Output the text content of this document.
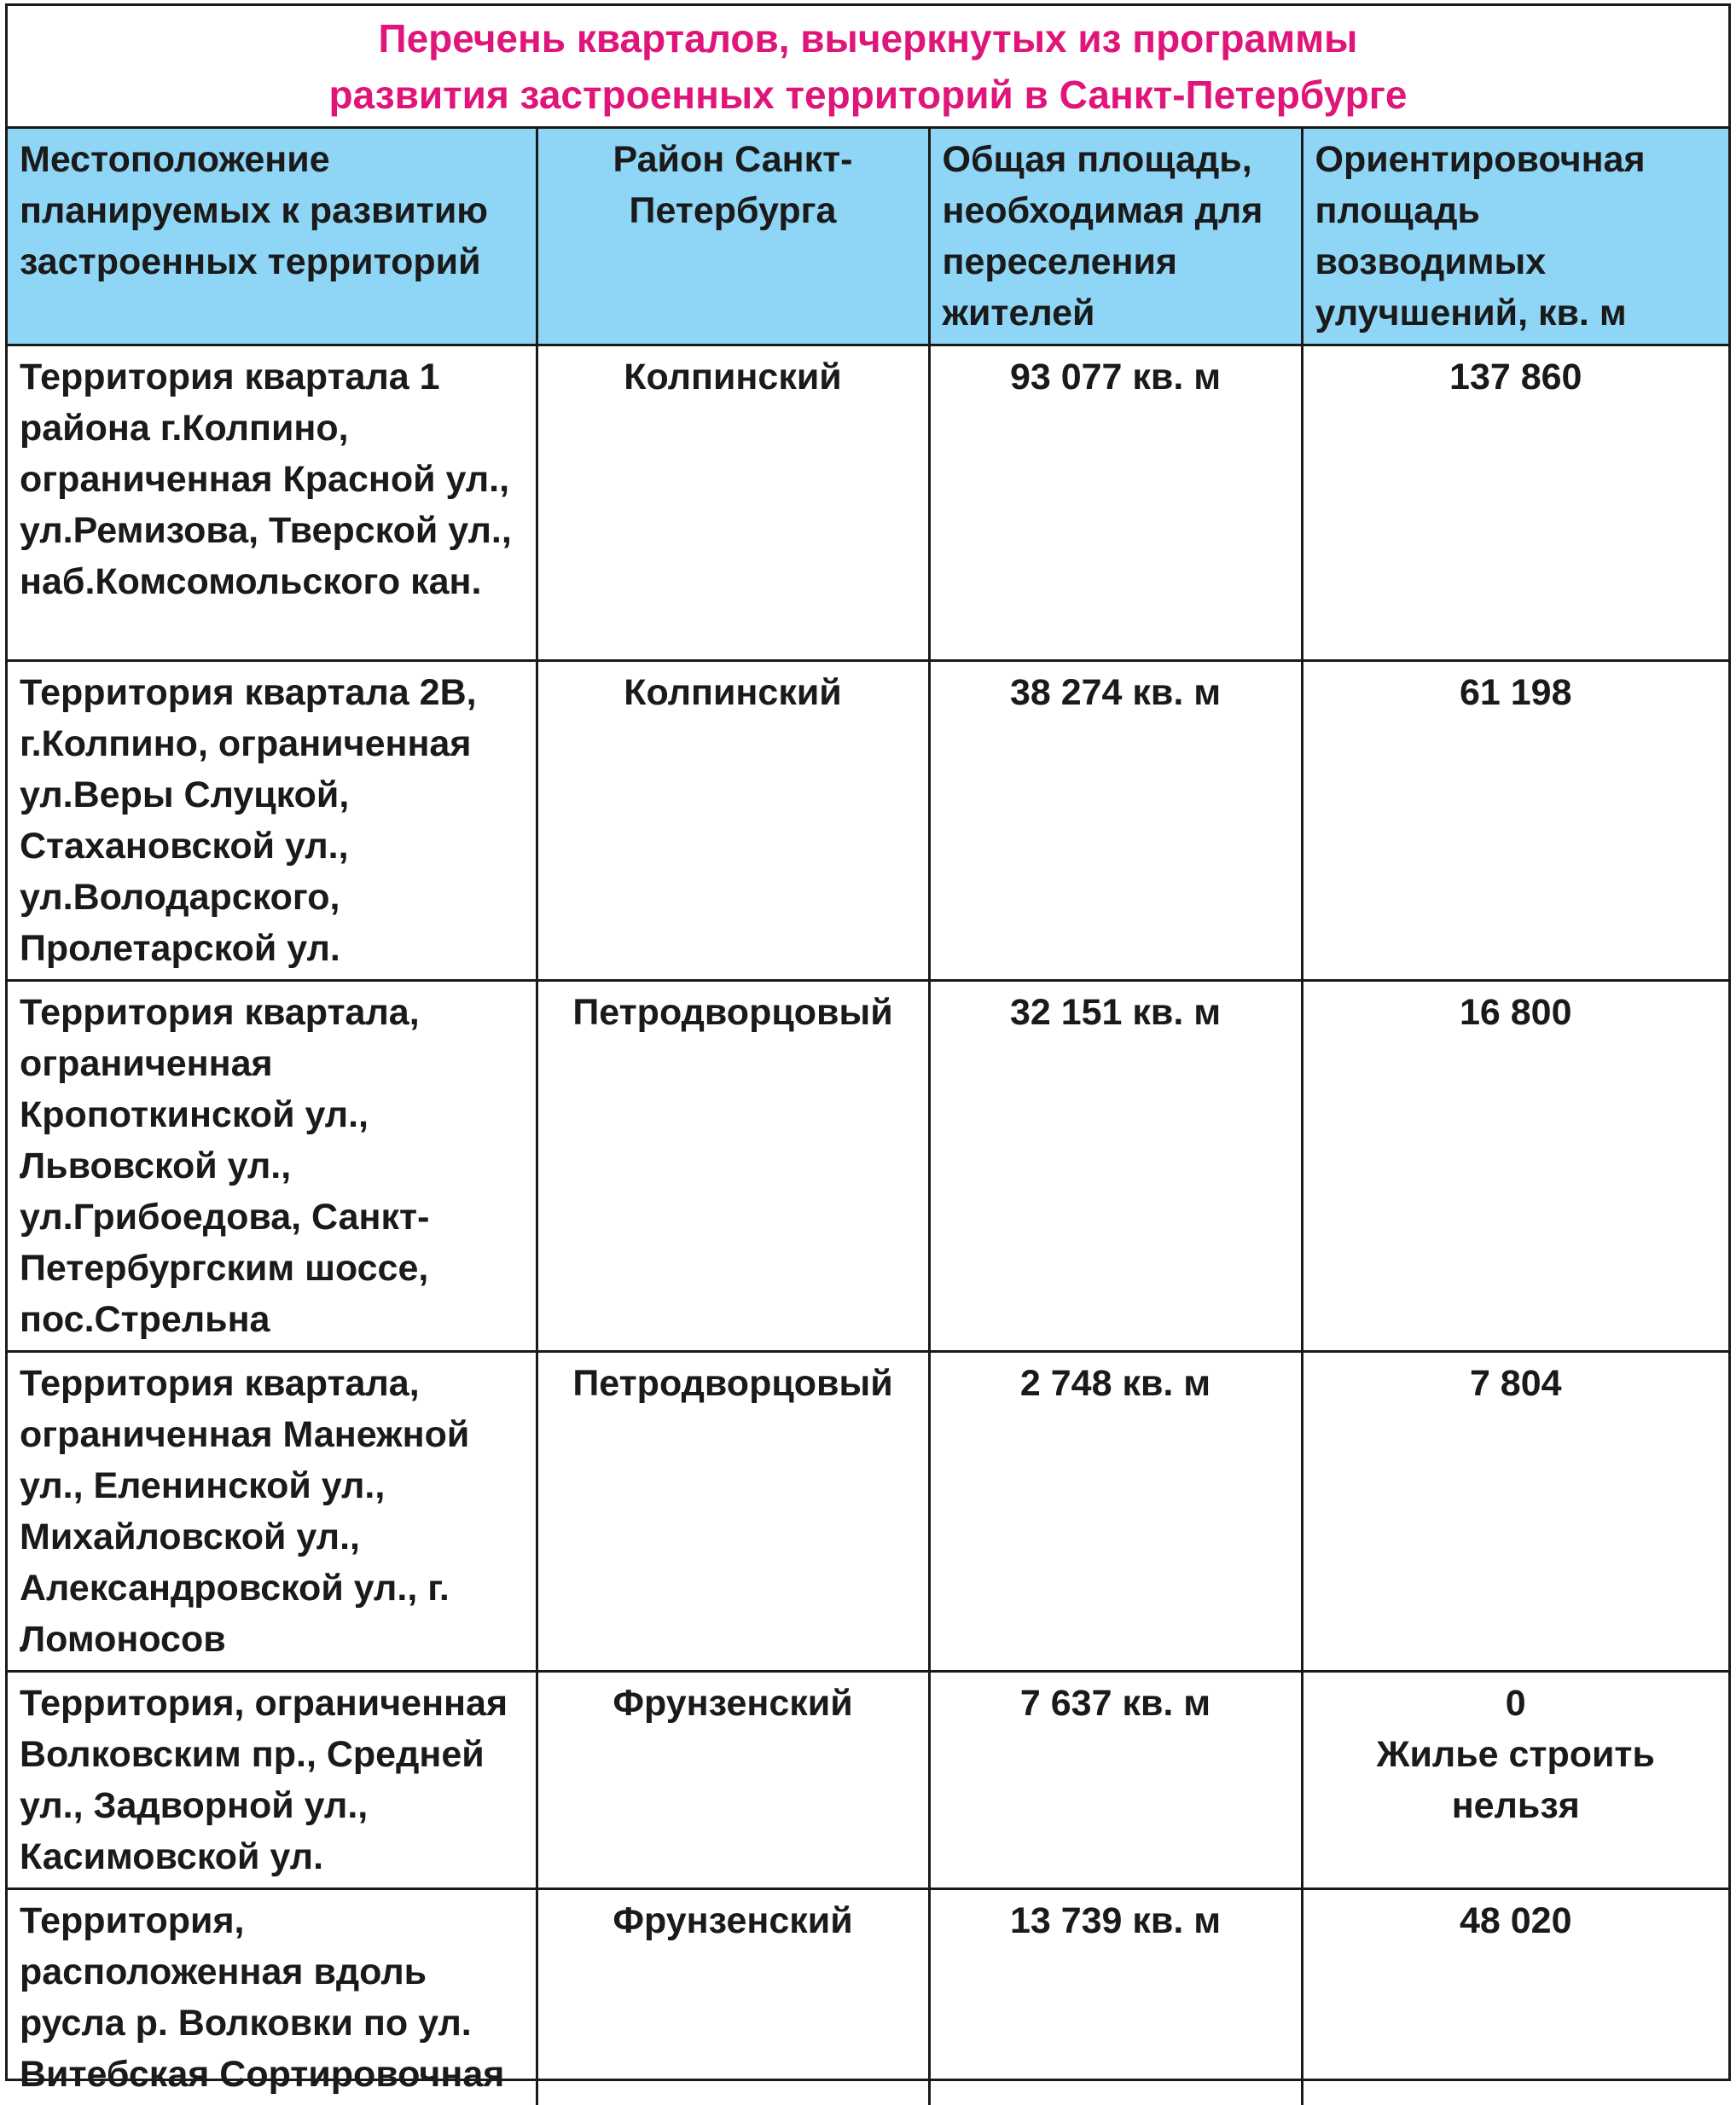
Перечень кварталов, вычеркнутых из программы
развития застроенных территорий в Санкт-Петербурге
Местоположение планируемых к развитию застроенных территорий	Район Санкт-Петербурга	Общая площадь, необходимая для переселения жителей	Ориентировочная площадь возводимых улучшений, кв. м
Территория квартала 1 района г.Колпино, ограниченная Красной ул., ул.Ремизова, Тверской ул., наб.Комсомольского кан.	Колпинский	93 077 кв. м	137 860

Территория квартала 2В, г.Колпино, ограниченная ул.Веры Слуцкой, Стахановской ул., ул.Володарского, Пролетарской ул.	Колпинский	38 274 кв. м	61 198

Территория квартала, ограниченная Кропоткинской ул., Львовской ул., ул.Грибоедова, Санкт-Петербургским шоссе, пос.Стрельна	Петродворцовый	32 151 кв. м	16 800

Территория квартала, ограниченная Манежной ул., Еленинской ул., Михайловской ул., Александровской ул., г. Ломоносов	Петродворцовый	2 748 кв. м	7 804

Территория, ограниченная Волковским пр., Средней ул., Задворной ул., Касимовской ул.	Фрунзенский	7 637 кв. м	0
Жилье строить нельзя

Территория, расположенная вдоль русла р. Волковки по ул. Витебская Сортировочная	Фрунзенский	13 739 кв. м	48 020
